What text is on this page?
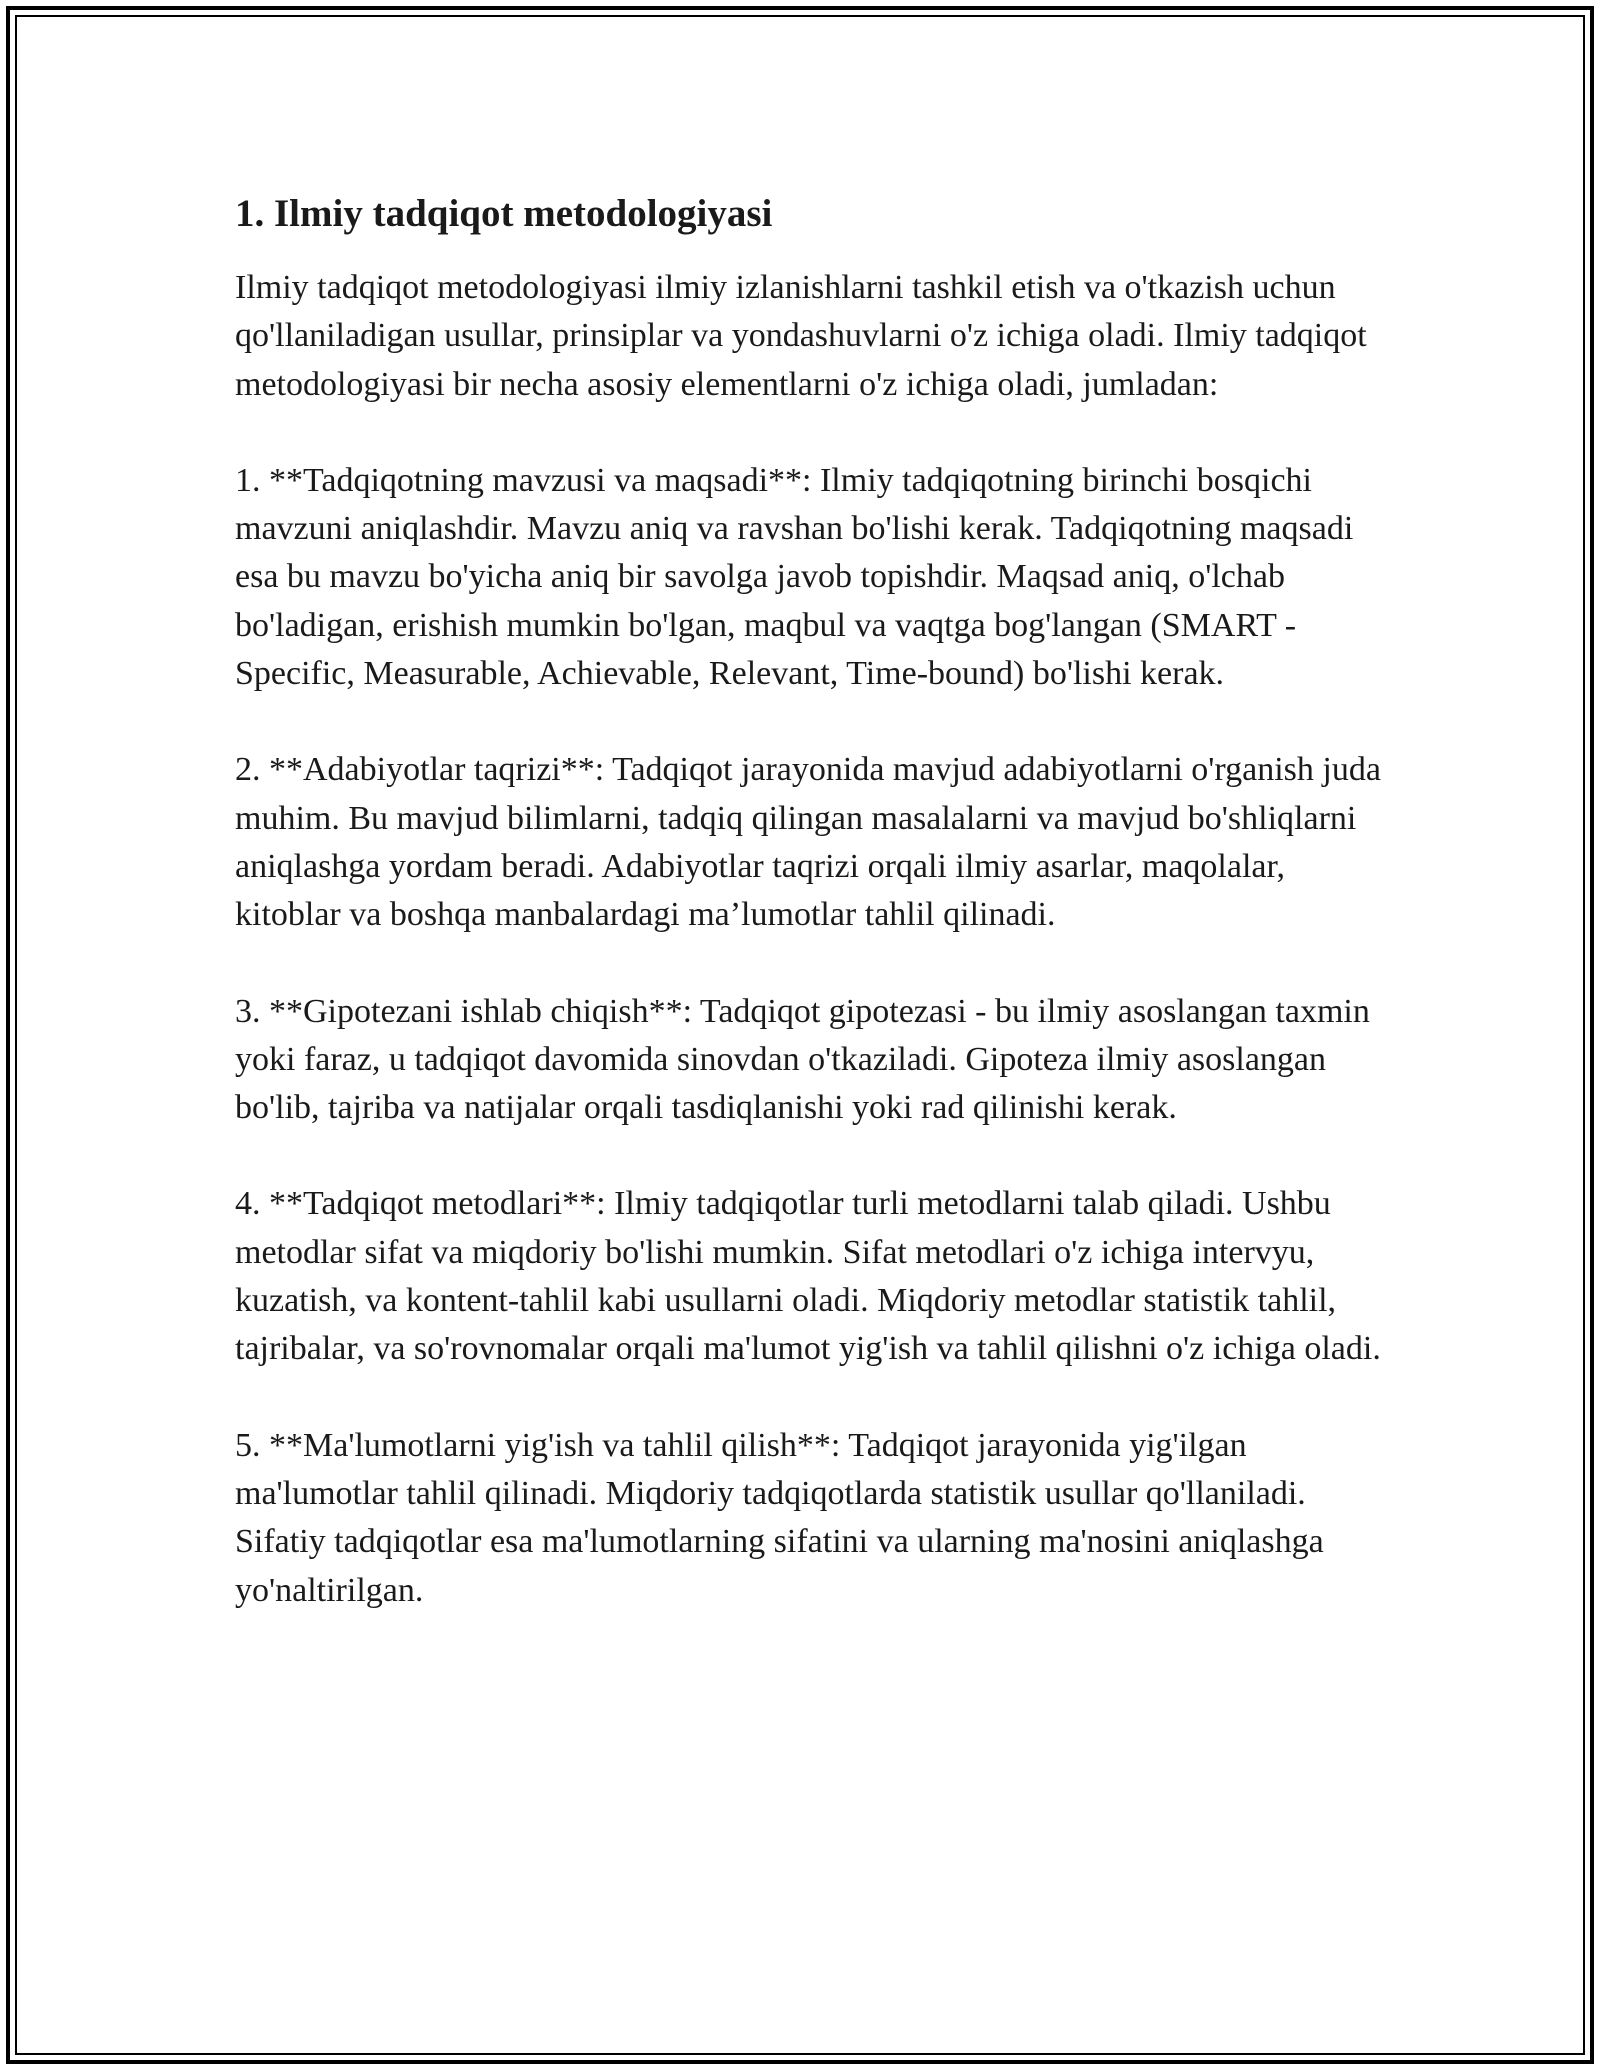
1. Ilmiy tadqiqot metodologiyasi

Ilmiy tadqiqot metodologiyasi ilmiy izlanishlarni tashkil etish va o'tkazish uchun qo'llaniladigan usullar, prinsiplar va yondashuvlarni o'z ichiga oladi. Ilmiy tadqiqot metodologiyasi bir necha asosiy elementlarni o'z ichiga oladi, jumladan:

1. **Tadqiqotning mavzusi va maqsadi**: Ilmiy tadqiqotning birinchi bosqichi mavzuni aniqlashdir. Mavzu aniq va ravshan bo'lishi kerak. Tadqiqotning maqsadi esa bu mavzu bo'yicha aniq bir savolga javob topishdir. Maqsad aniq, o'lchab bo'ladigan, erishish mumkin bo'lgan, maqbul va vaqtga bog'langan (SMART - Specific, Measurable, Achievable, Relevant, Time-bound) bo'lishi kerak.

2. **Adabiyotlar taqrizi**: Tadqiqot jarayonida mavjud adabiyotlarni o'rganish juda muhim. Bu mavjud bilimlarni, tadqiq qilingan masalalarni va mavjud bo'shliqlarni aniqlashga yordam beradi. Adabiyotlar taqrizi orqali ilmiy asarlar, maqolalar, kitoblar va boshqa manbalardagi ma’lumotlar tahlil qilinadi.

3. **Gipotezani ishlab chiqish**: Tadqiqot gipotezasi - bu ilmiy asoslangan taxmin yoki faraz, u tadqiqot davomida sinovdan o'tkaziladi. Gipoteza ilmiy asoslangan bo'lib, tajriba va natijalar orqali tasdiqlanishi yoki rad qilinishi kerak.

4. **Tadqiqot metodlari**: Ilmiy tadqiqotlar turli metodlarni talab qiladi. Ushbu metodlar sifat va miqdoriy bo'lishi mumkin. Sifat metodlari o'z ichiga intervyu, kuzatish, va kontent-tahlil kabi usullarni oladi. Miqdoriy metodlar statistik tahlil, tajribalar, va so'rovnomalar orqali ma'lumot yig'ish va tahlil qilishni o'z ichiga oladi.

5. **Ma'lumotlarni yig'ish va tahlil qilish**: Tadqiqot jarayonida yig'ilgan ma'lumotlar tahlil qilinadi. Miqdoriy tadqiqotlarda statistik usullar qo'llaniladi. Sifatiy tadqiqotlar esa ma'lumotlarning sifatini va ularning ma'nosini aniqlashga yo'naltirilgan.
